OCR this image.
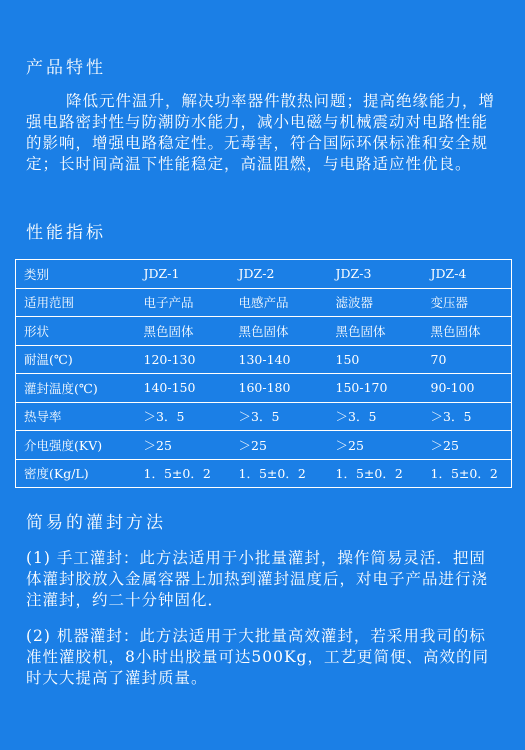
产品特性

降低元件温升，解决功率器件散热问题；提高绝缘能力，增强电路密封性与防潮防水能力，减小电磁与机械震动对电路性能的影响，增强电路稳定性。无毒害，符合国际环保标准和安全规定；长时间高温下性能稳定，高温阻燃，与电路适应性优良。

性能指标
类别	JDZ-1	JDZ-2	JDZ-3	JDZ-4
适用范围	电子产品	电感产品	滤波器	变压器
形状	黑色固体	黑色固体	黑色固体	黑色固体
耐温(℃)	120-130	130-140	150	70
灌封温度(℃)	140-150	160-180	150-170	90-100
热导率	＞3．5	＞3．5	＞3．5	＞3．5
介电强度(KV)	＞25	＞25	＞25	＞25
密度(Kg/L)	1．5±0．2	1．5±0．2	1．5±0．2	1．5±0．2
简易的灌封方法

(1) 手工灌封：此方法适用于小批量灌封，操作简易灵活．把固体灌封胶放入金属容器上加热到灌封温度后，对电子产品进行浇注灌封，约二十分钟固化．

(2) 机器灌封：此方法适用于大批量高效灌封，若采用我司的标准性灌胶机，8小时出胶量可达500Kg，工艺更简便、高效的同时大大提高了灌封质量。
